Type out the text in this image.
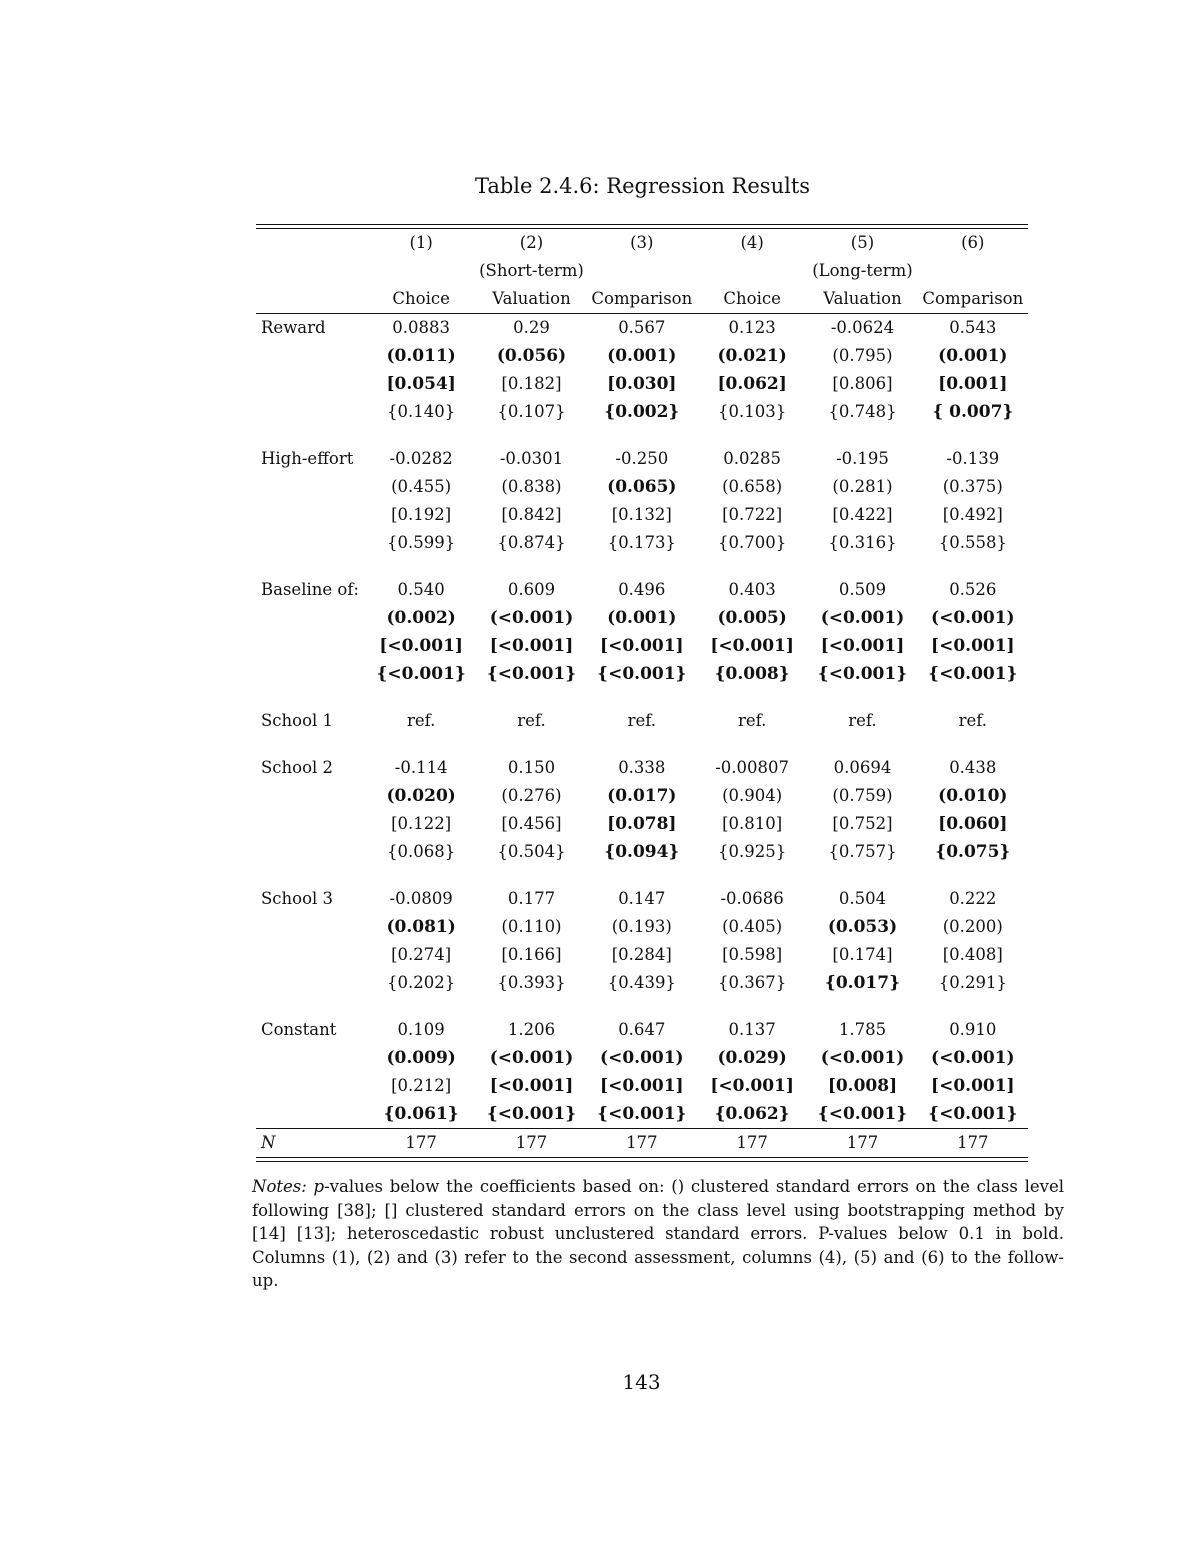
Table 2.4.6: Regression Results
	(1)	(2)	(3)	(4)	(5)	(6)
		(Short-term)			(Long-term)	
	Choice	Valuation	Comparison	Choice	Valuation	Comparison
Reward	0.0883	0.29	0.567	0.123	-0.0624	0.543
	(0.011)	(0.056)	(0.001)	(0.021)	(0.795)	(0.001)
	[0.054]	[0.182]	[0.030]	[0.062]	[0.806]	[0.001]
	{0.140}	{0.107}	{0.002}	{0.103}	{0.748}	{ 0.007}

High-effort	-0.0282	-0.0301	-0.250	0.0285	-0.195	-0.139
	(0.455)	(0.838)	(0.065)	(0.658)	(0.281)	(0.375)
	[0.192]	[0.842]	[0.132]	[0.722]	[0.422]	[0.492]
	{0.599}	{0.874}	{0.173}	{0.700}	{0.316}	{0.558}

Baseline of:	0.540	0.609	0.496	0.403	0.509	0.526
	(0.002)	(<0.001)	(0.001)	(0.005)	(<0.001)	(<0.001)
	[<0.001]	[<0.001]	[<0.001]	[<0.001]	[<0.001]	[<0.001]
	{<0.001}	{<0.001}	{<0.001}	{0.008}	{<0.001}	{<0.001}

School 1	ref.	ref.	ref.	ref.	ref.	ref.

School 2	-0.114	0.150	0.338	-0.00807	0.0694	0.438
	(0.020)	(0.276)	(0.017)	(0.904)	(0.759)	(0.010)
	[0.122]	[0.456]	[0.078]	[0.810]	[0.752]	[0.060]
	{0.068}	{0.504}	{0.094}	{0.925}	{0.757}	{0.075}

School 3	-0.0809	0.177	0.147	-0.0686	0.504	0.222
	(0.081)	(0.110)	(0.193)	(0.405)	(0.053)	(0.200)
	[0.274]	[0.166]	[0.284]	[0.598]	[0.174]	[0.408]
	{0.202}	{0.393}	{0.439}	{0.367}	{0.017}	{0.291}

Constant	0.109	1.206	0.647	0.137	1.785	0.910
	(0.009)	(<0.001)	(<0.001)	(0.029)	(<0.001)	(<0.001)
	[0.212]	[<0.001]	[<0.001]	[<0.001]	[0.008]	[<0.001]
	{0.061}	{<0.001}	{<0.001}	{0.062}	{<0.001}	{<0.001}
N	177	177	177	177	177	177
Notes: p-values below the coefficients based on: () clustered standard errors on the class level following [38]; [] clustered standard errors on the class level using bootstrapping method by [14] [13]; heteroscedastic robust unclustered standard errors. P-values below 0.1 in bold. Columns (1), (2) and (3) refer to the second assessment, columns (4), (5) and (6) to the follow-up.
143
